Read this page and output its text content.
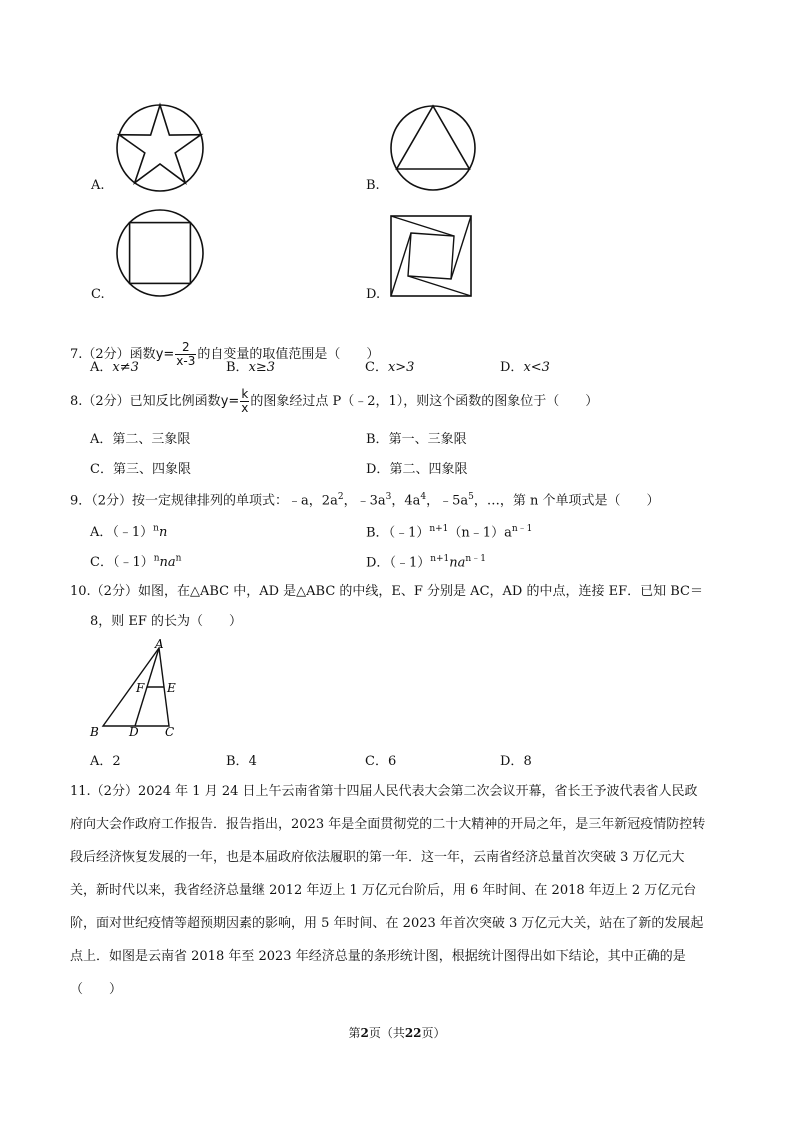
A.	B.
C.	D.
7.（2分）函数$y= \frac{2}{x-3}$ 的自变量的取值范围是（　　）
A．x≠3	B．x≥3	C．x>3	D．x<3
8.（2分）已知反比例函数$y= \frac{k}{x}$ 的图象经过点 P（﹣2，1），则这个函数的图象位于（　　）
A．第二、三象限	B．第一、三象限
C．第三、四象限	D．第二、四象限
9．（2分）按一定规律排列的单项式：﹣a，$2a^2$，$﹣3a^3$，$4a^4$，$﹣5a^5$，…，第 n 个单项式是（　　）
A．（﹣1）$^n$n	B．$(﹣1)^{n+1}(n﹣1)a^{n﹣1}$
C．$(﹣1)^nna^n$	D．$(﹣1)^{n+1}na^{n﹣1}$
10.（2分）如图，在△ABC 中，AD 是△ABC 的中线，E、F 分别是 AC，AD 的中点，连接 EF．已知 BC＝
8，则 EF 的长为（　　）
A
B	D C
F E
A．2	B．4	C．6	D．8
11.（2分）2024 年 1 月 24 日上午云南省第十四届人民代表大会第二次会议开幕，省长王予波代表省人民政府向大会作政府工作报告．报告指出，2023 年是全面贯彻党的二十大精神的开局之年，是三年新冠疫情防控转段后经济恢复发展的一年，也是本届政府依法履职的第一年．这一年，云南省经济总量首次突破 3 万亿元大关，新时代以来，我省经济总量继 2012 年迈上 1 万亿元台阶后，用 6 年时间、在 2018 年迈上 2 万亿元台阶，面对世纪疫情等超预期因素的影响，用 5 年时间、在 2023 年首次突破 3 万亿元大关，站在了新的发展起点上．如图是云南省 2018 年至 2023 年经济总量的条形统计图，根据统计图得出如下结论，其中正确的是（　　）
第2页（共22页）
